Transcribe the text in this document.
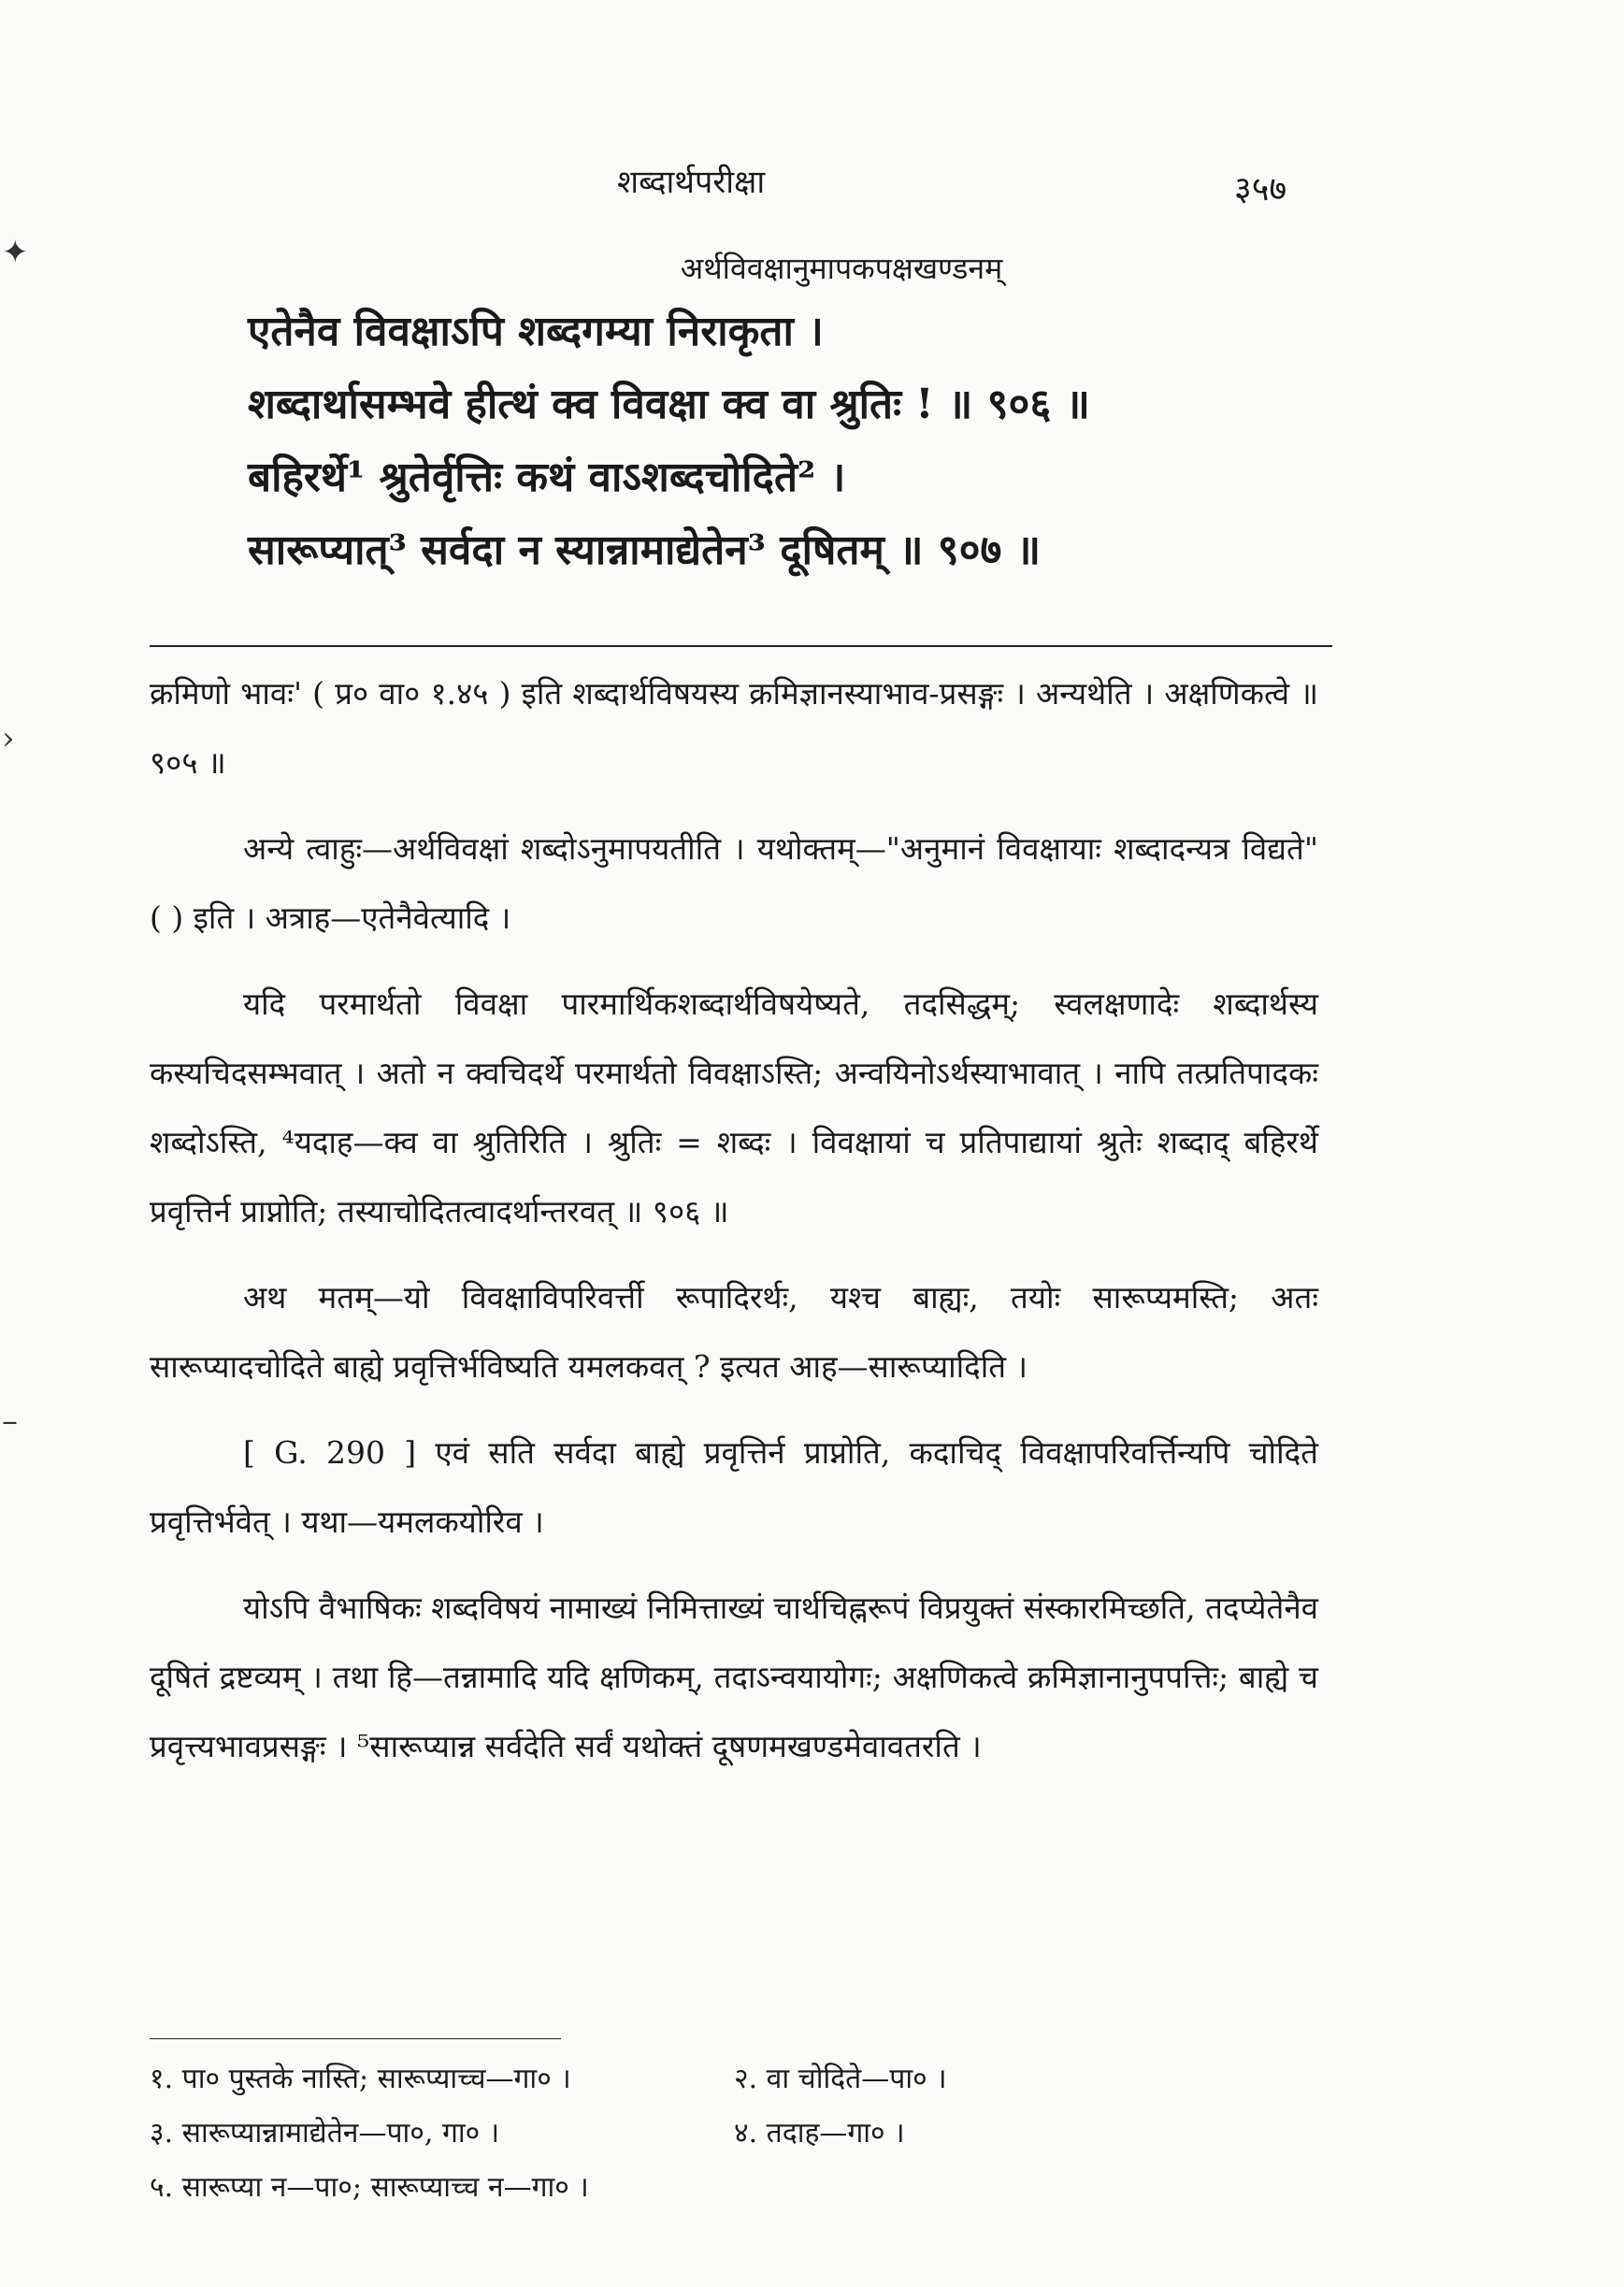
✦
›
–
शब्दार्थपरीक्षा	३५७
अर्थविवक्षानुमापकपक्षखण्डनम्
एतेनैव विवक्षाऽपि शब्दगम्या निराकृता ।
शब्दार्थासम्भवे हीत्थं क्व विवक्षा क्व वा श्रुतिः ! ॥ ९०६ ॥
बहिरर्थे¹ श्रुतेर्वृत्तिः कथं वाऽशब्दचोदिते² ।
सारूप्यात्³ सर्वदा न स्यान्नामाद्येतेन³ दूषितम् ॥ ९०७ ॥

क्रमिणो भावः' ( प्र० वा० १.४५ ) इति शब्दार्थविषयस्य क्रमिज्ञानस्याभाव-प्रसङ्गः । अन्यथेति । अक्षणिकत्वे ॥ ९०५ ॥

अन्ये त्वाहुः—अर्थविवक्षां शब्दोऽनुमापयतीति । यथोक्तम्—"अनुमानं विवक्षायाः शब्दादन्यत्र विद्यते" ( ) इति । अत्राह—एतेनैवेत्यादि ।

यदि परमार्थतो विवक्षा पारमार्थिकशब्दार्थविषयेष्यते, तदसिद्धम्; स्वलक्षणादेः शब्दार्थस्य कस्यचिदसम्भवात् । अतो न क्वचिदर्थे परमार्थतो विवक्षाऽस्ति; अन्वयिनोऽर्थस्याभावात् । नापि तत्प्रतिपादकः शब्दोऽस्ति, ⁴यदाह—क्व वा श्रुतिरिति । श्रुतिः = शब्दः । विवक्षायां च प्रतिपाद्यायां श्रुतेः शब्दाद् बहिरर्थे प्रवृत्तिर्न प्राप्नोति; तस्याचोदितत्वादर्थान्तरवत् ॥ ९०६ ॥

अथ मतम्—यो विवक्षाविपरिवर्त्ती रूपादिरर्थः, यश्च बाह्यः, तयोः सारूप्यमस्ति; अतः सारूप्यादचोदिते बाह्ये प्रवृत्तिर्भविष्यति यमलकवत् ? इत्यत आह—सारूप्यादिति ।

[ G. 290 ] एवं सति सर्वदा बाह्ये प्रवृत्तिर्न प्राप्नोति, कदाचिद् विवक्षापरिवर्त्तिन्यपि चोदिते प्रवृत्तिर्भवेत् । यथा—यमलकयोरिव ।

योऽपि वैभाषिकः शब्दविषयं नामाख्यं निमित्ताख्यं चार्थचिह्नरूपं विप्रयुक्तं संस्कारमिच्छति, तदप्येतेनैव दूषितं द्रष्टव्यम् । तथा हि—तन्नामादि यदि क्षणिकम्, तदाऽन्वयायोगः; अक्षणिकत्वे क्रमिज्ञानानुपपत्तिः; बाह्ये च प्रवृत्त्यभावप्रसङ्गः । ⁵सारूप्यान्न सर्वदेति सर्वं यथोक्तं दूषणमखण्डमेवावतरति ।

१. पा० पुस्तके नास्ति; सारूप्याच्च—गा० ।	२. वा चोदिते—पा० ।
३. सारूप्यान्नामाद्येतेन—पा०, गा० ।	४. तदाह—गा० ।
५. सारूप्या न—पा०; सारूप्याच्च न—गा० ।
